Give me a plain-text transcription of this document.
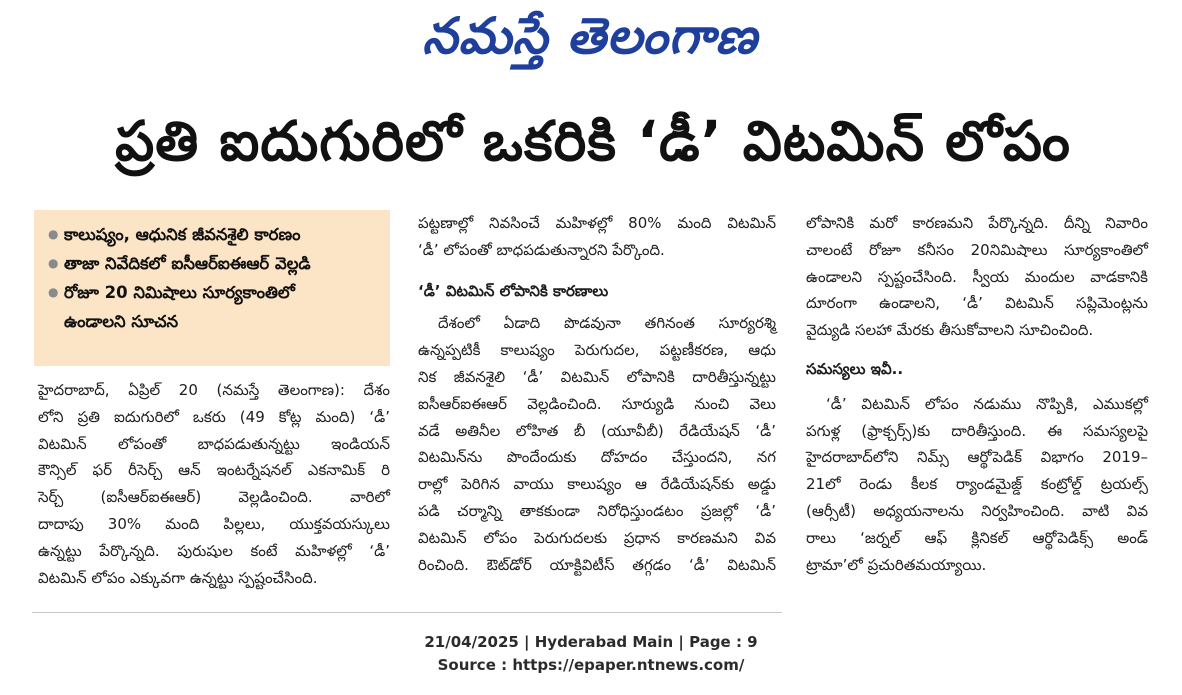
నమస్తే తెలంగాణ
ప్రతి ఐదుగురిలో ఒకరికి ‘డీ’ విటమిన్ లోపం
● కాలుష్యం, ఆధునిక జీవనశైలి కారణం
● తాజా నివేదికలో ఐసీఆర్ఐఈఆర్ వెల్లడి
● రోజూ 20 నిమిషాలు సూర్యకాంతిలో
ఉండాలని సూచన

హైదరాబాద్, ఏప్రిల్ 20 (నమస్తే తెలంగాణ): దేశం

లోని ప్రతి ఐదుగురిలో ఒకరు (49 కోట్ల మంది) ‘డీ’

విటమిన్ లోపంతో బాధపడుతున్నట్టు ఇండియన్

కౌన్సిల్ ఫర్ రీసెర్చ్ ఆన్ ఇంటర్నేషనల్ ఎకనామిక్ రి

సెర్చ్ (ఐసీఆర్ఐఈఆర్) వెల్లడించింది. వారిలో

దాదాపు 30% మంది పిల్లలు, యుక్తవయస్కులు

ఉన్నట్టు పేర్కొన్నది. పురుషుల కంటే మహిళల్లో ‘డీ’

విటమిన్ లోపం ఎక్కువగా ఉన్నట్టు స్పష్టంచేసింది.

పట్టణాల్లో నివసించే మహిళల్లో 80% మంది విటమిన్

‘డీ’ లోపంతో బాధపడుతున్నారని పేర్కొంది.

‘డీ’ విటమిన్ లోపానికి కారణాలు

దేశంలో ఏడాది పొడవునా తగినంత సూర్యరశ్మి

ఉన్నప్పటికీ కాలుష్యం పెరుగుదల, పట్టణీకరణ, ఆధు

నిక జీవనశైలి ‘డీ’ విటమిన్ లోపానికి దారితీస్తున్నట్టు

ఐసీఆర్ఐఈఆర్ వెల్లడించింది. సూర్యుడి నుంచి వెలు

వడే అతినీల లోహిత బీ (యూవీబీ) రేడియేషన్ ‘డీ’

విటమిన్‌ను పొందేందుకు దోహదం చేస్తుందని, నగ

రాల్లో పెరిగిన వాయు కాలుష్యం ఆ రేడియేషన్‌కు అడ్డు

పడి చర్మాన్ని తాకకుండా నిరోధిస్తుండటం ప్రజల్లో ‘డీ’

విటమిన్ లోపం పెరుగుదలకు ప్రధాన కారణమని వివ

రించింది. ఔట్‌డోర్ యాక్టివిటీస్ తగ్గడం ‘డీ’ విటమిన్

లోపానికి మరో కారణమని పేర్కొన్నది. దీన్ని నివారిం

చాలంటే రోజూ కనీసం 20నిమిషాలు సూర్యకాంతిలో

ఉండాలని స్పష్టంచేసింది. స్వీయ మందుల వాడకానికి

దూరంగా ఉండాలని, ‘డీ’ విటమిన్ సప్లిమెంట్లను

వైద్యుడి సలహా మేరకు తీసుకోవాలని సూచించింది.

సమస్యలు ఇవీ..

‘డీ’ విటమిన్ లోపం నడుము నొప్పికి, ఎముకల్లో

పగుళ్ల (ఫ్రాక్చర్స్)కు దారితీస్తుంది. ఈ సమస్యలపై

హైదరాబాద్‌లోని నిమ్స్ ఆర్థోపెడిక్ విభాగం 2019–

21లో రెండు కీలక ర్యాండమైజ్డ్ కంట్రోల్డ్ ట్రయల్స్

(ఆర్సీటీ) అధ్యయనాలను నిర్వహించింది. వాటి వివ

రాలు ‘జర్నల్ ఆఫ్ క్లినికల్ ఆర్థోపెడిక్స్ అండ్

ట్రామా’లో ప్రచురితమయ్యాయి.

21/04/2025 | Hyderabad Main | Page : 9
Source : https://epaper.ntnews.com/
